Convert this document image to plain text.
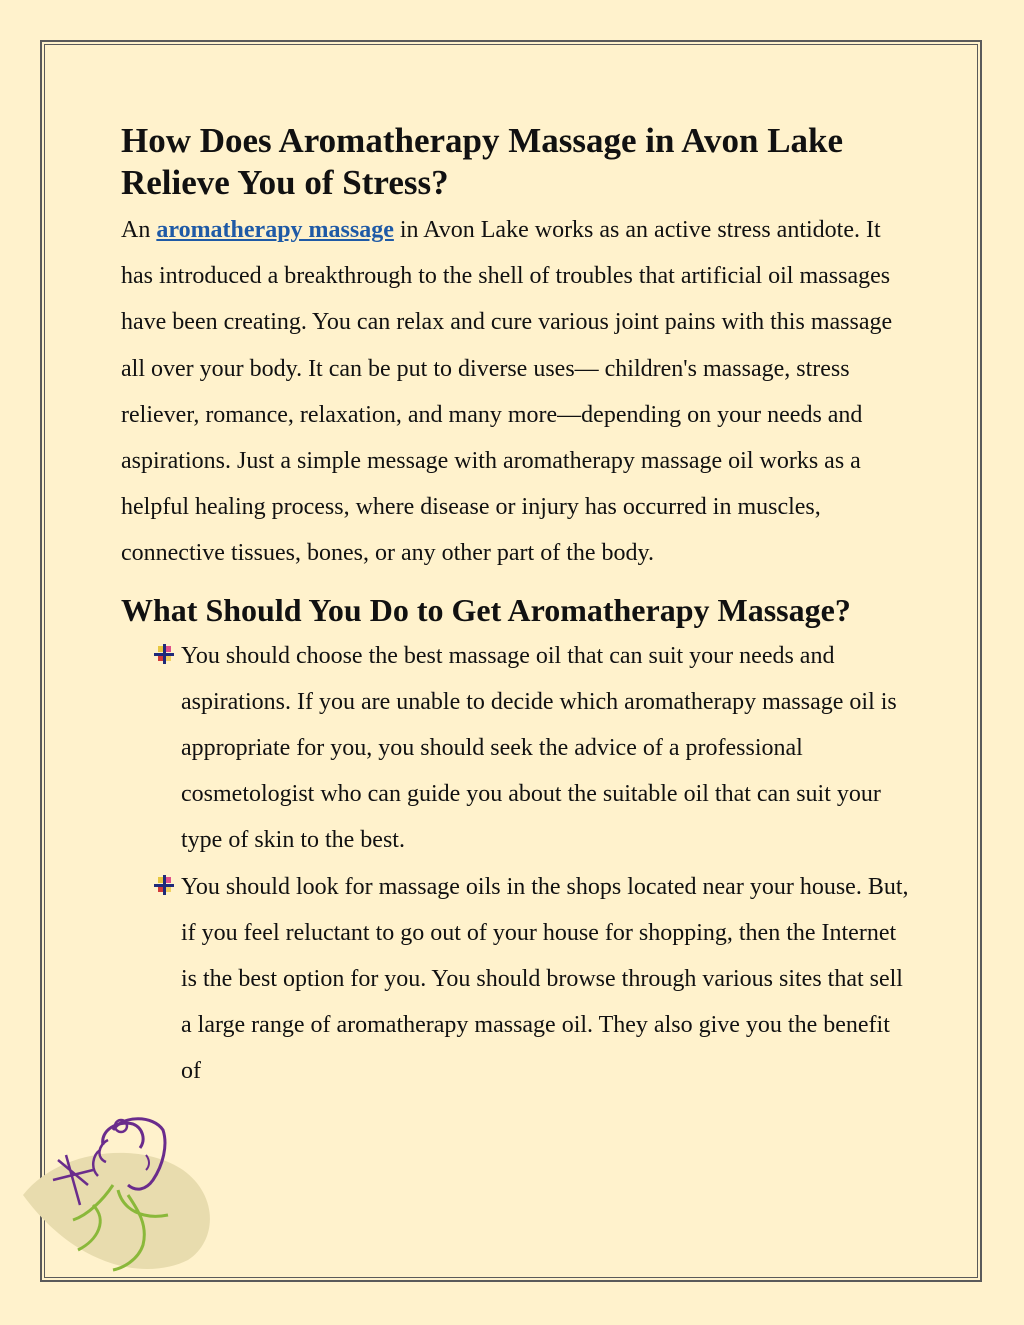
How Does Aromatherapy Massage in Avon Lake Relieve You of Stress?

An aromatherapy massage in Avon Lake works as an active stress antidote. It has introduced a breakthrough to the shell of troubles that artificial oil massages have been creating. You can relax and cure various joint pains with this massage all over your body. It can be put to diverse uses— children's massage, stress reliever, romance, relaxation, and many more—depending on your needs and aspirations. Just a simple message with aromatherapy massage oil works as a helpful healing process, where disease or injury has occurred in muscles, connective tissues, bones, or any other part of the body.

What Should You Do to Get Aromatherapy Massage?
You should choose the best massage oil that can suit your needs and aspirations. If you are unable to decide which aromatherapy massage oil is appropriate for you, you should seek the advice of a professional cosmetologist who can guide you about the suitable oil that can suit your type of skin to the best.
You should look for massage oils in the shops located near your house. But, if you feel reluctant to go out of your house for shopping, then the Internet is the best option for you. You should browse through various sites that sell a large range of aromatherapy massage oil. They also give you the benefit of
